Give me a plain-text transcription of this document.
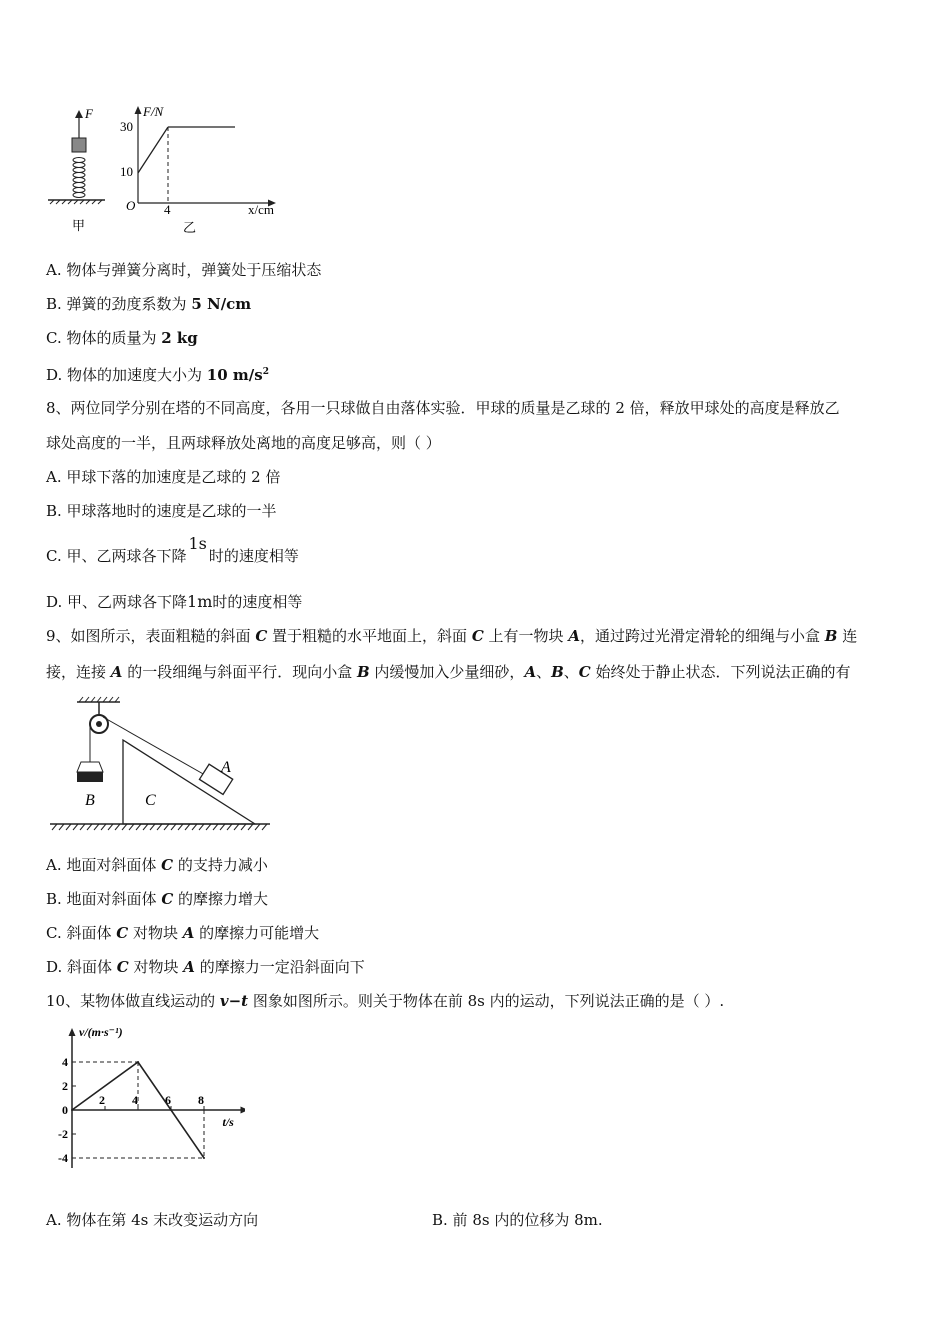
F
甲
F/N
30
10
O 4	x/cm
乙
A. 物体与弹簧分离时，弹簧处于压缩状态
B. 弹簧的劲度系数为 5 N/cm
C. 物体的质量为 2 kg
D. 物体的加速度大小为 10 $m/s^2$
8、两位同学分别在塔的不同高度，各用一只球做自由落体实验．甲球的质量是乙球的 2 倍，释放甲球处的高度是释放乙
球处高度的一半，且两球释放处离地的高度足够高，则（ ）
A. 甲球下落的加速度是乙球的 2 倍
B. 甲球落地时的速度是乙球的一半
C. 甲、乙两球各下降1s时的速度相等
D. 甲、乙两球各下降1m时的速度相等
9、如图所示，表面粗糙的斜面 C 置于粗糙的水平地面上，斜面 C 上有一物块 A，通过跨过光滑定滑轮的细绳与小盒 B 连
接，连接 A 的一段细绳与斜面平行．现向小盒 B 内缓慢加入少量细砂，A、B、C 始终处于静止状态．下列说法正确的有
B	C
A
A. 地面对斜面体 C 的支持力减小
B. 地面对斜面体 C 的摩擦力增大
C. 斜面体 C 对物块 A 的摩擦力可能增大
D. 斜面体 C 对物块 A 的摩擦力一定沿斜面向下
10、某物体做直线运动的 v−t 图象如图所示。则关于物体在前 8s 内的运动，下列说法正确的是（ ）.
v/(m·s⁻¹)
t/s
4
2
0
-2
-4
2 4 6 8
A. 物体在第 4s 末改变运动方向	B. 前 8s 内的位移为 8m.
